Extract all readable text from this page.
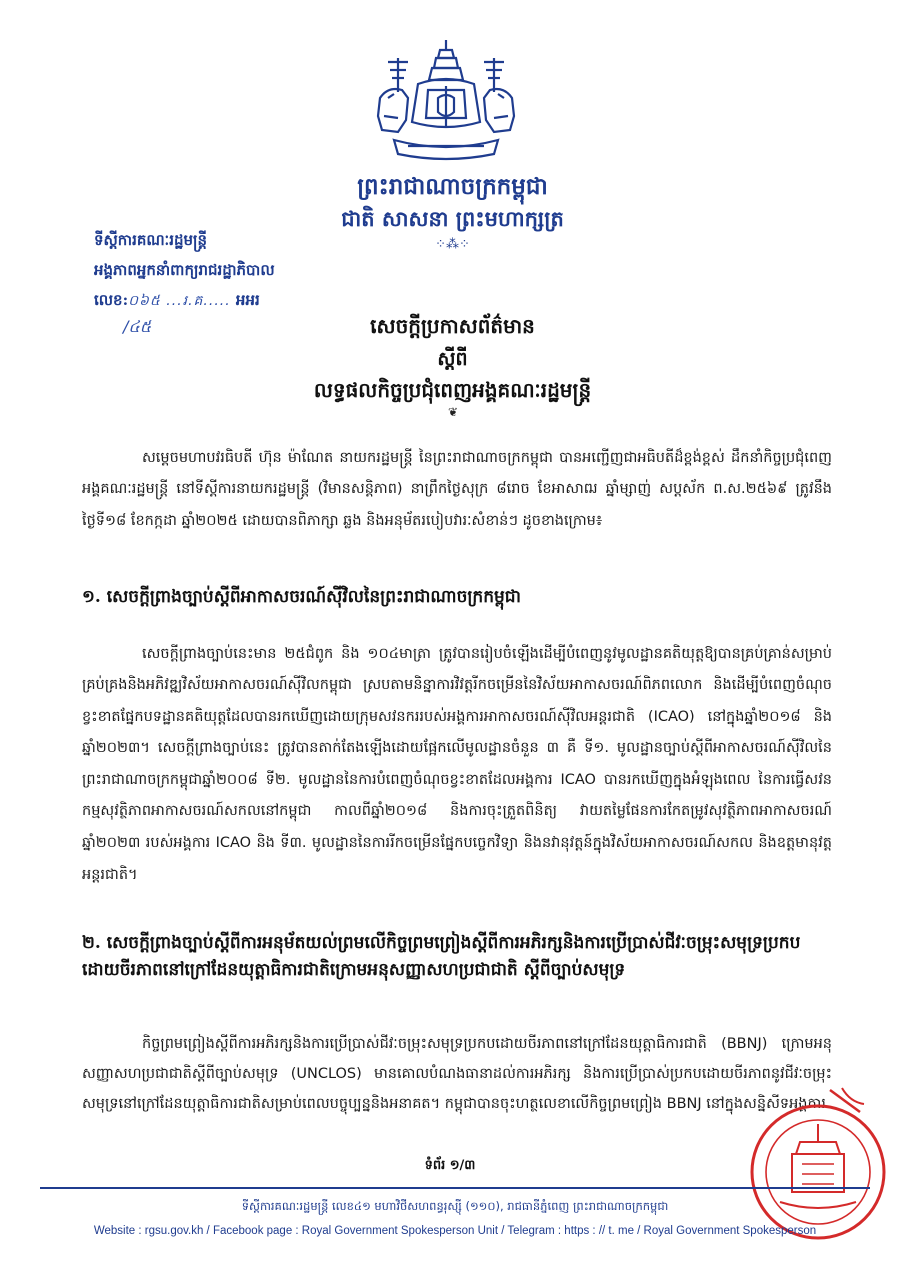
ព្រះរាជាណាចក្រកម្ពុជា
ជាតិ សាសនា ព្រះមហាក្សត្រ
⁘⁂⁘
ទីស្ដីការគណៈរដ្ឋមន្ត្រី
អង្គភាពអ្នកនាំពាក្យរាជរដ្ឋាភិបាល
លេខ:០៦៥ ...រ.គ..... អអរ
/៤៥	សេចក្តីប្រកាសព័ត៌មាន
ស្តីពី
លទ្ធផលកិច្ចប្រជុំពេញអង្គគណៈរដ្ឋមន្ត្រី
❦

សម្តេចមហាបវរធិបតី ហ៊ុន ម៉ាណែត នាយករដ្ឋមន្ត្រី នៃព្រះរាជាណាចក្រកម្ពុជា បានអញ្ជើញជាអធិបតីដ៏ខ្ពង់ខ្ពស់ ដឹកនាំកិច្ចប្រជុំពេញអង្គគណៈរដ្ឋមន្ត្រី នៅទីស្តីការនាយករដ្ឋមន្ត្រី (វិមានសន្តិភាព) នាព្រឹកថ្ងៃសុក្រ ៨រោច ខែអាសាឍ ឆ្នាំម្សាញ់ សប្តស័ក ព.ស.២៥៦៩ ត្រូវនឹងថ្ងៃទី១៨ ខែកក្កដា ឆ្នាំ២០២៥ ដោយបានពិភាក្សា ឆ្លង និងអនុម័តរបៀបវារៈសំខាន់ៗ ដូចខាងក្រោម៖

១. សេចក្តីព្រាងច្បាប់ស្តីពីអាកាសចរណ៍ស៊ីវិលនៃព្រះរាជាណាចក្រកម្ពុជា

សេចក្តីព្រាងច្បាប់នេះមាន ២៥ជំពូក និង ១០៤មាត្រា ត្រូវបានរៀបចំឡើងដើម្បីបំពេញនូវមូលដ្ឋានគតិយុត្តឱ្យបានគ្រប់គ្រាន់សម្រាប់គ្រប់គ្រងនិងអភិវឌ្ឍវិស័យអាកាសចរណ៍ស៊ីវិលកម្ពុជា ស្របតាមនិន្នាការវិវត្តរីកចម្រើននៃវិស័យអាកាសចរណ៍ពិភពលោក និងដើម្បីបំពេញចំណុចខ្វះខាតផ្នែកបទដ្ឋានគតិយុត្តដែលបានរកឃើញដោយក្រុមសវនកររបស់អង្គការអាកាសចរណ៍ស៊ីវិលអន្តរជាតិ (ICAO) នៅក្នុងឆ្នាំ២០១៨ និងឆ្នាំ២០២៣។ សេចក្តីព្រាងច្បាប់នេះ ត្រូវបានតាក់តែងឡើងដោយផ្អែកលើមូលដ្ឋានចំនួន ៣ គឺ ទី១. មូលដ្ឋានច្បាប់ស្តីពីអាកាសចរណ៍ស៊ីវិលនៃព្រះរាជាណាចក្រកម្ពុជាឆ្នាំ២០០៨ ទី២. មូលដ្ឋាននៃការបំពេញចំណុចខ្វះខាតដែលអង្គការ ICAO បានរកឃើញក្នុងអំឡុងពេល នៃការធ្វើសវនកម្មសុវត្ថិភាពអាកាសចរណ៍សកលនៅកម្ពុជា កាលពីឆ្នាំ២០១៨ និងការចុះត្រួតពិនិត្យ វាយតម្លៃផែនការកែតម្រូវសុវត្ថិភាពអាកាសចរណ៍ឆ្នាំ២០២៣ របស់អង្គការ ICAO និង ទី៣. មូលដ្ឋាននៃការរីកចម្រើនផ្នែកបច្ចេកវិទ្យា និងនវានុវត្តន៍ក្នុងវិស័យអាកាសចរណ៍សកល និងឧត្តមានុវត្តអន្តរជាតិ។

២. សេចក្តីព្រាងច្បាប់ស្តីពីការអនុម័តយល់ព្រមលើកិច្ចព្រមព្រៀងស្តីពីការអភិរក្សនិងការប្រើប្រាស់ជីវៈចម្រុះសមុទ្រប្រកបដោយចីរភាពនៅក្រៅដែនយុត្តាធិការជាតិក្រោមអនុសញ្ញាសហប្រជាជាតិ ស្តីពីច្បាប់សមុទ្រ

កិច្ចព្រមព្រៀងស្តីពីការអភិរក្សនិងការប្រើប្រាស់ជីវៈចម្រុះសមុទ្រប្រកបដោយចីរភាពនៅក្រៅដែនយុត្តាធិការជាតិ (BBNJ) ក្រោមអនុសញ្ញាសហប្រជាជាតិស្តីពីច្បាប់សមុទ្រ (UNCLOS) មានគោលបំណងធានាដល់ការអភិរក្ស និងការប្រើប្រាស់ប្រកបដោយចីរភាពនូវជីវៈចម្រុះសមុទ្រនៅក្រៅដែនយុត្តាធិការជាតិសម្រាប់ពេលបច្ចុប្បន្ននិងអនាគត។ កម្ពុជាបានចុះហត្ថលេខាលើកិច្ចព្រមព្រៀង BBNJ នៅក្នុងសន្និសីទអង្គការ

ទំព័រ ១/៣
ទីស្តីការគណៈរដ្ឋមន្ត្រី លេខ៤១ មហាវិថីសហពន្ធរុស្ស៊ី (១១០), រាជធានីភ្នំពេញ ព្រះរាជាណាចក្រកម្ពុជា
Website : rgsu.gov.kh / Facebook page : Royal Government Spokesperson Unit / Telegram : https : // t. me / Royal Government Spokesperson
